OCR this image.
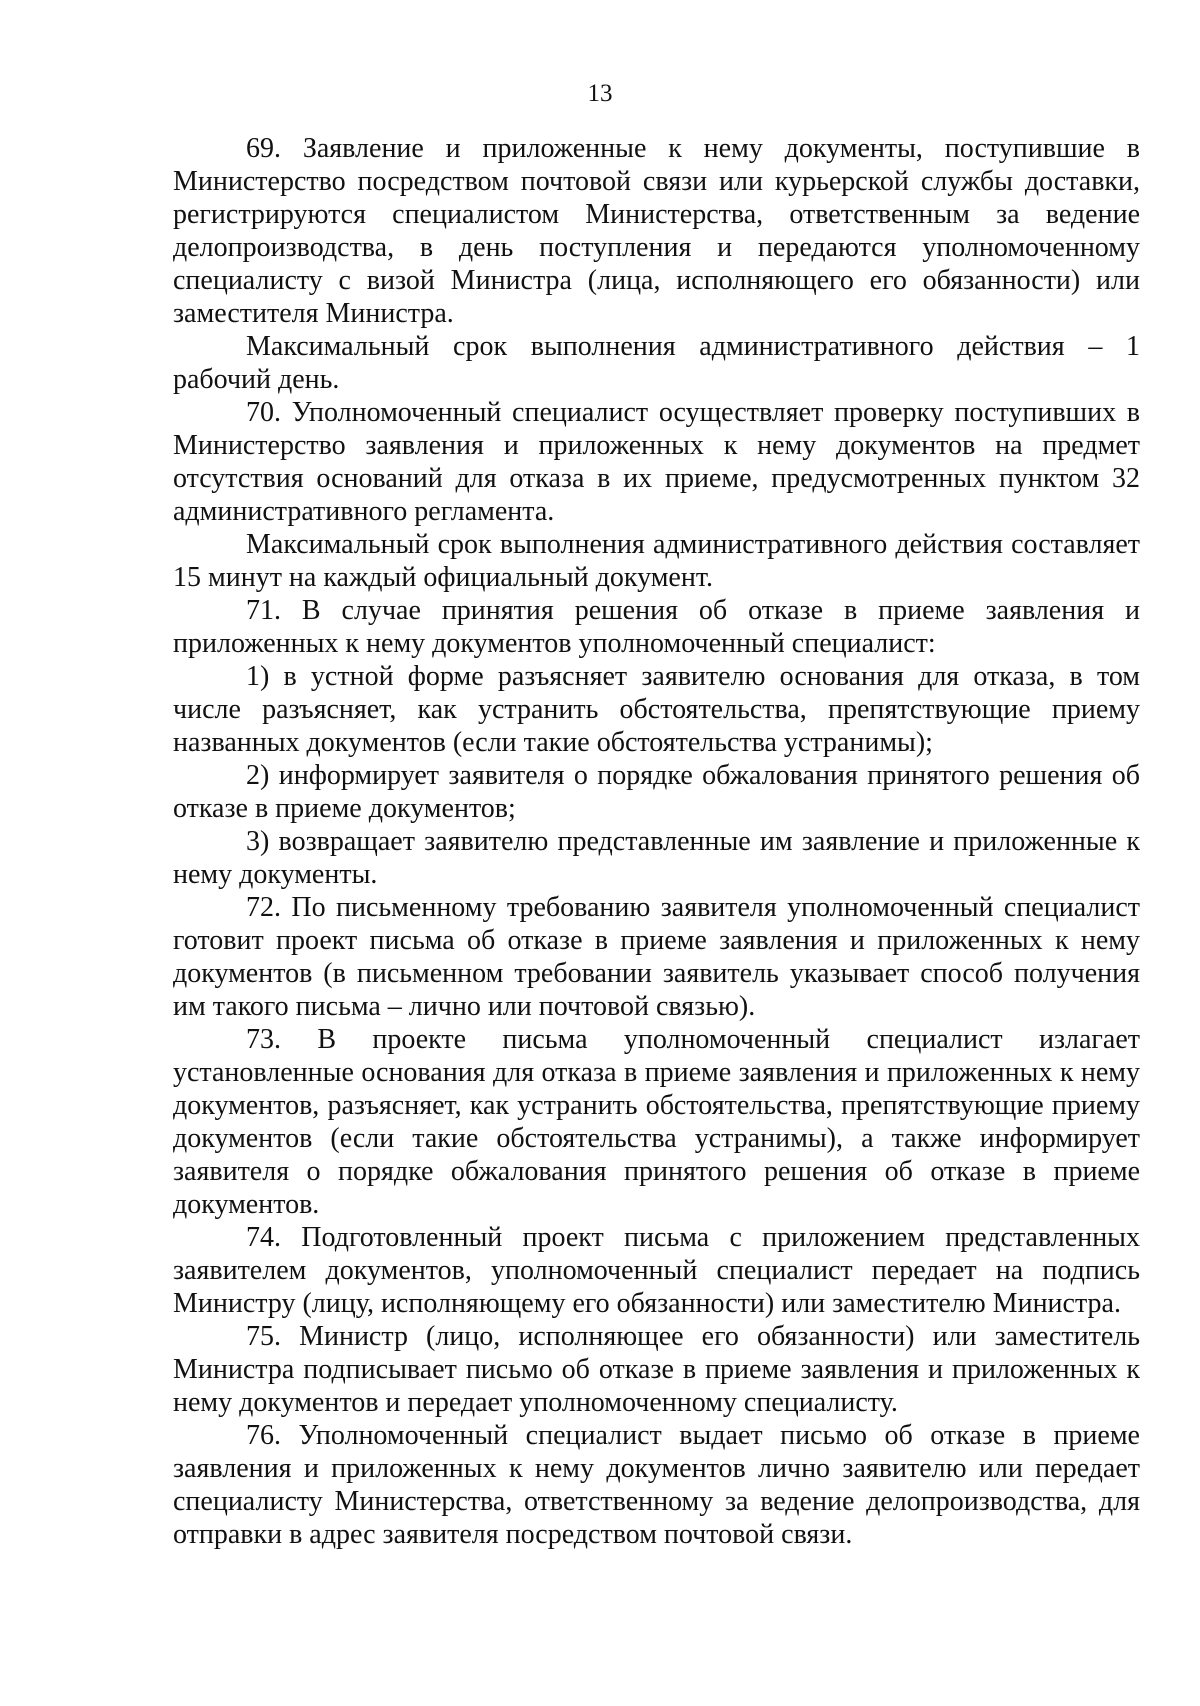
13

69. Заявление и приложенные к нему документы, поступившие в Министерство посредством почтовой связи или курьерской службы доставки, регистрируются специалистом Министерства, ответственным за ведение делопроизводства, в день поступления и передаются уполномоченному специалисту с визой Министра (лица, исполняющего его обязанности) или заместителя Министра.

Максимальный срок выполнения административного действия – 1 рабочий день.

70. Уполномоченный специалист осуществляет проверку поступивших в Министерство заявления и приложенных к нему документов на предмет отсутствия оснований для отказа в их приеме, предусмотренных пунктом 32 административного регламента.

Максимальный срок выполнения административного действия составляет 15 минут на каждый официальный документ.

71. В случае принятия решения об отказе в приеме заявления и приложенных к нему документов уполномоченный специалист:

1) в устной форме разъясняет заявителю основания для отказа, в том числе разъясняет, как устранить обстоятельства, препятствующие приему названных документов (если такие обстоятельства устранимы);

2) информирует заявителя о порядке обжалования принятого решения об отказе в приеме документов;

3) возвращает заявителю представленные им заявление и приложенные к нему документы.

72. По письменному требованию заявителя уполномоченный специалист готовит проект письма об отказе в приеме заявления и приложенных к нему документов (в письменном требовании заявитель указывает способ получения им такого письма – лично или почтовой связью).

73. В проекте письма уполномоченный специалист излагает установленные основания для отказа в приеме заявления и приложенных к нему документов, разъясняет, как устранить обстоятельства, препятствующие приему документов (если такие обстоятельства устранимы), а также информирует заявителя о порядке обжалования принятого решения об отказе в приеме документов.

74. Подготовленный проект письма с приложением представленных заявителем документов, уполномоченный специалист передает на подпись Министру (лицу, исполняющему его обязанности) или заместителю Министра.

75. Министр (лицо, исполняющее его обязанности) или заместитель Министра подписывает письмо об отказе в приеме заявления и приложенных к нему документов и передает уполномоченному специалисту.

76. Уполномоченный специалист выдает письмо об отказе в приеме заявления и приложенных к нему документов лично заявителю или передает специалисту Министерства, ответственному за ведение делопроизводства, для отправки в адрес заявителя посредством почтовой связи.
